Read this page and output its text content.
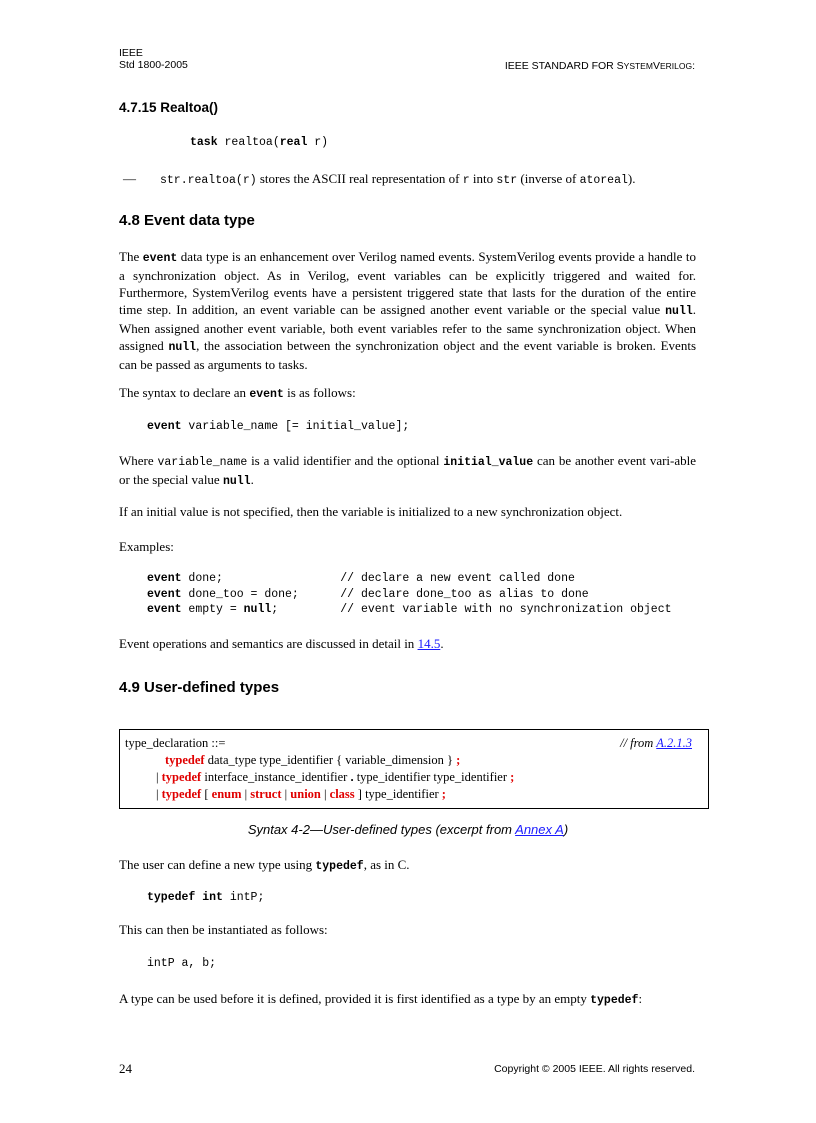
IEEE
Std 1800-2005	IEEE STANDARD FOR SYSTEMVERILOG:
4.7.15 Realtoa()
task realtoa(real r)
— str.realtoa(r) stores the ASCII real representation of r into str (inverse of atoreal).
4.8 Event data type
The event data type is an enhancement over Verilog named events. SystemVerilog events provide a handle to a synchronization object. As in Verilog, event variables can be explicitly triggered and waited for. Furthermore, SystemVerilog events have a persistent triggered state that lasts for the duration of the entire time step. In addition, an event variable can be assigned another event variable or the special value null. When assigned another event variable, both event variables refer to the same synchronization object. When assigned null, the association between the synchronization object and the event variable is broken. Events can be passed as arguments to tasks.
The syntax to declare an event is as follows:
event variable_name [= initial_value];
Where variable_name is a valid identifier and the optional initial_value can be another event vari-able or the special value null.
If an initial value is not specified, then the variable is initialized to a new synchronization object.
Examples:
event done;                 // declare a new event called done
event done_too = done;      // declare done_too as alias to done
event empty = null;         // event variable with no synchronization object
Event operations and semantics are discussed in detail in 14.5.
4.9 User-defined types
type_declaration ::=	// from A.2.1.3
typedef data_type type_identifier { variable_dimension } ;
| typedef interface_instance_identifier . type_identifier type_identifier ;
| typedef [ enum | struct | union | class ] type_identifier ;
Syntax 4-2—User-defined types (excerpt from Annex A)
The user can define a new type using typedef, as in C.
typedef int intP;
This can then be instantiated as follows:
intP a, b;
A type can be used before it is defined, provided it is first identified as a type by an empty typedef:
24	Copyright © 2005 IEEE. All rights reserved.
